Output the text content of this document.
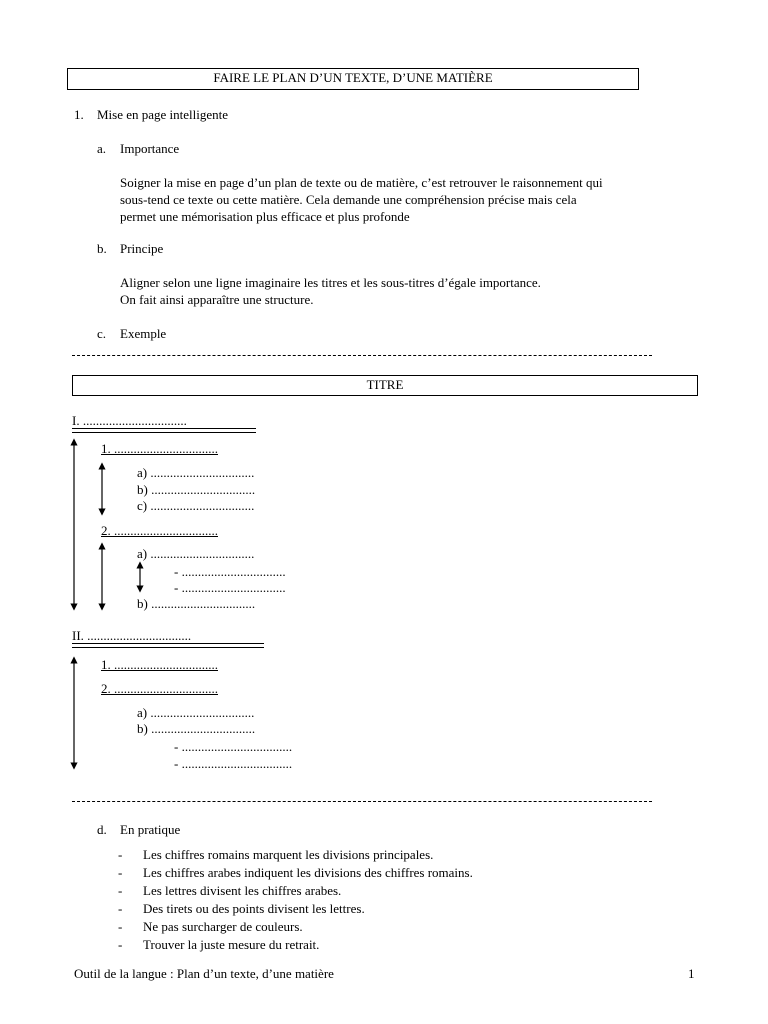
FAIRE LE PLAN D’UN TEXTE, D’UNE MATIÈRE
1. Mise en page intelligente
a. Importance
Soigner la mise en page d’un plan de texte ou de matière, c’est retrouver le raisonnement qui
sous-tend ce texte ou cette matière. Cela demande une compréhension précise mais cela
permet une mémorisation plus efficace et plus profonde
b. Principe
Aligner selon une ligne imaginaire les titres et les sous-titres d’égale importance.
On fait ainsi apparaître une structure.
c. Exemple
TITRE
I. ................................
1. ................................
a) ................................
b) ................................
c) ................................
2. ................................
a) ................................
- ................................
- ................................
b) ................................
II. ................................
1. ................................
2. ................................
a) ................................
b) ................................
- ..................................
- ..................................
d. En pratique
- Les chiffres romains marquent les divisions principales.
- Les chiffres arabes indiquent les divisions des chiffres romains.
- Les lettres divisent les chiffres arabes.
- Des tirets ou des points divisent les lettres.
- Ne pas surcharger de couleurs.
- Trouver la juste mesure du retrait.
Outil de la langue : Plan d’un texte, d’une matière	1
